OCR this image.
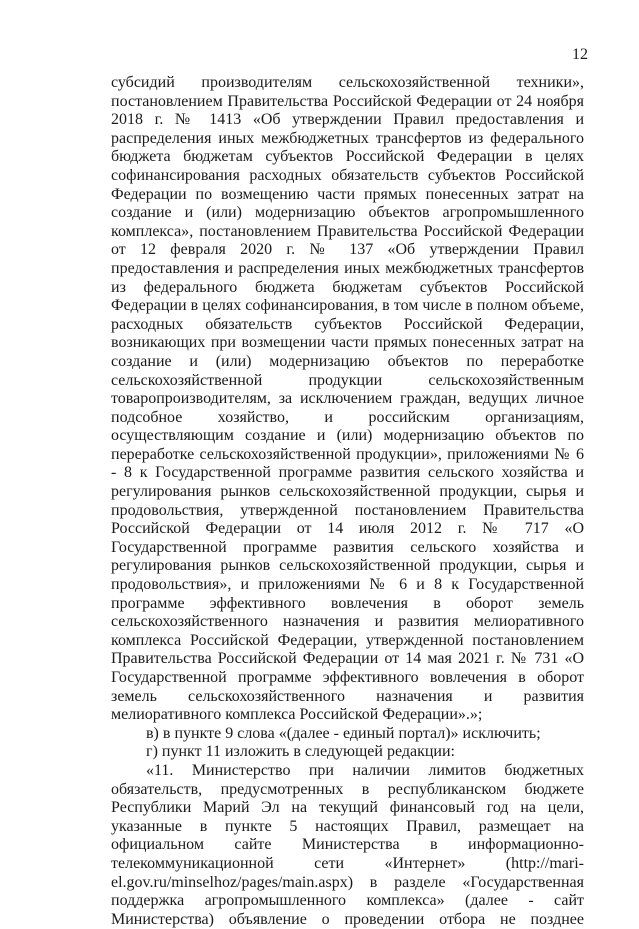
12

субсидий производителям сельскохозяйственной техники», постановлением Правительства Российской Федерации от 24 ноября 2018 г. № 1413 «Об утверждении Правил предоставления и распределения иных межбюджетных трансфертов из федерального бюджета бюджетам субъектов Российской Федерации в целях софинансирования расходных обязательств субъектов Российской Федерации по возмещению части прямых понесенных затрат на создание и (или) модернизацию объектов агропромышленного комплекса», постановлением Правительства Российской Федерации от 12 февраля 2020 г. № 137 «Об утверждении Правил предоставления и распределения иных межбюджетных трансфертов из федерального бюджета бюджетам субъектов Российской Федерации в целях софинансирования, в том числе в полном объеме, расходных обязательств субъектов Российской Федерации, возникающих при возмещении части прямых понесенных затрат на создание и (или) модернизацию объектов по переработке сельскохозяйственной продукции сельскохозяйственным товаропроизводителям, за исключением граждан, ведущих личное подсобное хозяйство, и российским организациям, осуществляющим создание и (или) модернизацию объектов по переработке сельскохозяйственной продукции», приложениями № 6 - 8 к Государственной программе развития сельского хозяйства и регулирования рынков сельскохозяйственной продукции, сырья и продовольствия, утвержденной постановлением Правительства Российской Федерации от 14 июля 2012 г. № 717 «О Государственной программе развития сельского хозяйства и регулирования рынков сельскохозяйственной продукции, сырья и продовольствия», и приложениями № 6 и 8 к Государственной программе эффективного вовлечения в оборот земель сельскохозяйственного назначения и развития мелиоративного комплекса Российской Федерации, утвержденной постановлением Правительства Российской Федерации от 14 мая 2021 г. № 731 «О Государственной программе эффективного вовлечения в оборот земель сельскохозяйственного назначения и развития мелиоративного комплекса Российской Федерации».»;

в) в пункте 9 слова «(далее - единый портал)» исключить;

г) пункт 11 изложить в следующей редакции:

«11. Министерство при наличии лимитов бюджетных обязательств, предусмотренных в республиканском бюджете Республики Марий Эл на текущий финансовый год на цели, указанные в пункте 5 настоящих Правил, размещает на официальном сайте Министерства в информационно-телекоммуникационной сети «Интернет» (http://mari-el.gov.ru/minselhoz/pages/main.aspx) в разделе «Государственная поддержка агропромышленного комплекса» (далее - сайт Министерства) объявление о проведении отбора не позднее
